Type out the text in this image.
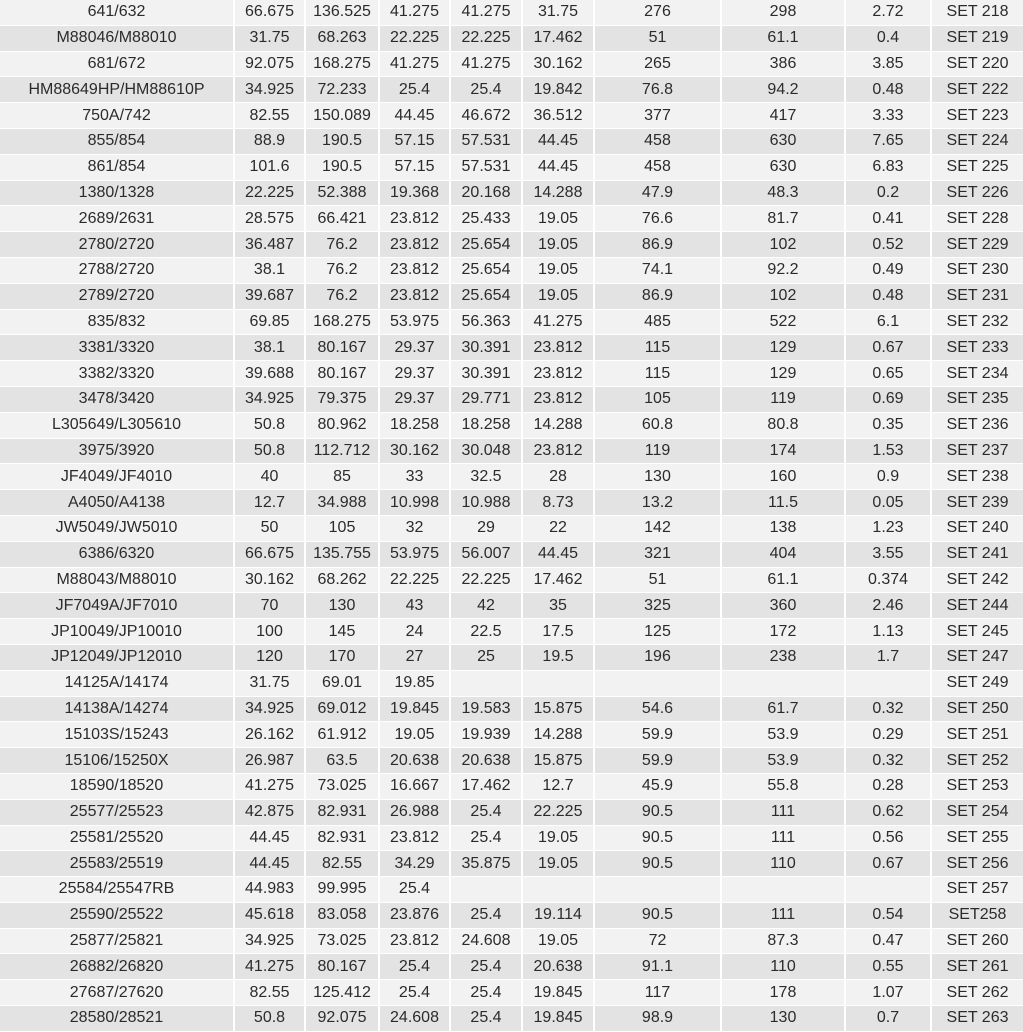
641/632	66.675	136.525	41.275	41.275	31.75	276	298	2.72	SET 218
M88046/M88010	31.75	68.263	22.225	22.225	17.462	51	61.1	0.4	SET 219
681/672	92.075	168.275	41.275	41.275	30.162	265	386	3.85	SET 220
HM88649HP/HM88610P	34.925	72.233	25.4	25.4	19.842	76.8	94.2	0.48	SET 222
750A/742	82.55	150.089	44.45	46.672	36.512	377	417	3.33	SET 223
855/854	88.9	190.5	57.15	57.531	44.45	458	630	7.65	SET 224
861/854	101.6	190.5	57.15	57.531	44.45	458	630	6.83	SET 225
1380/1328	22.225	52.388	19.368	20.168	14.288	47.9	48.3	0.2	SET 226
2689/2631	28.575	66.421	23.812	25.433	19.05	76.6	81.7	0.41	SET 228
2780/2720	36.487	76.2	23.812	25.654	19.05	86.9	102	0.52	SET 229
2788/2720	38.1	76.2	23.812	25.654	19.05	74.1	92.2	0.49	SET 230
2789/2720	39.687	76.2	23.812	25.654	19.05	86.9	102	0.48	SET 231
835/832	69.85	168.275	53.975	56.363	41.275	485	522	6.1	SET 232
3381/3320	38.1	80.167	29.37	30.391	23.812	115	129	0.67	SET 233
3382/3320	39.688	80.167	29.37	30.391	23.812	115	129	0.65	SET 234
3478/3420	34.925	79.375	29.37	29.771	23.812	105	119	0.69	SET 235
L305649/L305610	50.8	80.962	18.258	18.258	14.288	60.8	80.8	0.35	SET 236
3975/3920	50.8	112.712	30.162	30.048	23.812	119	174	1.53	SET 237
JF4049/JF4010	40	85	33	32.5	28	130	160	0.9	SET 238
A4050/A4138	12.7	34.988	10.998	10.988	8.73	13.2	11.5	0.05	SET 239
JW5049/JW5010	50	105	32	29	22	142	138	1.23	SET 240
6386/6320	66.675	135.755	53.975	56.007	44.45	321	404	3.55	SET 241
M88043/M88010	30.162	68.262	22.225	22.225	17.462	51	61.1	0.374	SET 242
JF7049A/JF7010	70	130	43	42	35	325	360	2.46	SET 244
JP10049/JP10010	100	145	24	22.5	17.5	125	172	1.13	SET 245
JP12049/JP12010	120	170	27	25	19.5	196	238	1.7	SET 247
14125A/14174	31.75	69.01	19.85						SET 249
14138A/14274	34.925	69.012	19.845	19.583	15.875	54.6	61.7	0.32	SET 250
15103S/15243	26.162	61.912	19.05	19.939	14.288	59.9	53.9	0.29	SET 251
15106/15250X	26.987	63.5	20.638	20.638	15.875	59.9	53.9	0.32	SET 252
18590/18520	41.275	73.025	16.667	17.462	12.7	45.9	55.8	0.28	SET 253
25577/25523	42.875	82.931	26.988	25.4	22.225	90.5	111	0.62	SET 254
25581/25520	44.45	82.931	23.812	25.4	19.05	90.5	111	0.56	SET 255
25583/25519	44.45	82.55	34.29	35.875	19.05	90.5	110	0.67	SET 256
25584/25547RB	44.983	99.995	25.4						SET 257
25590/25522	45.618	83.058	23.876	25.4	19.114	90.5	111	0.54	SET258
25877/25821	34.925	73.025	23.812	24.608	19.05	72	87.3	0.47	SET 260
26882/26820	41.275	80.167	25.4	25.4	20.638	91.1	110	0.55	SET 261
27687/27620	82.55	125.412	25.4	25.4	19.845	117	178	1.07	SET 262
28580/28521	50.8	92.075	24.608	25.4	19.845	98.9	130	0.7	SET 263
